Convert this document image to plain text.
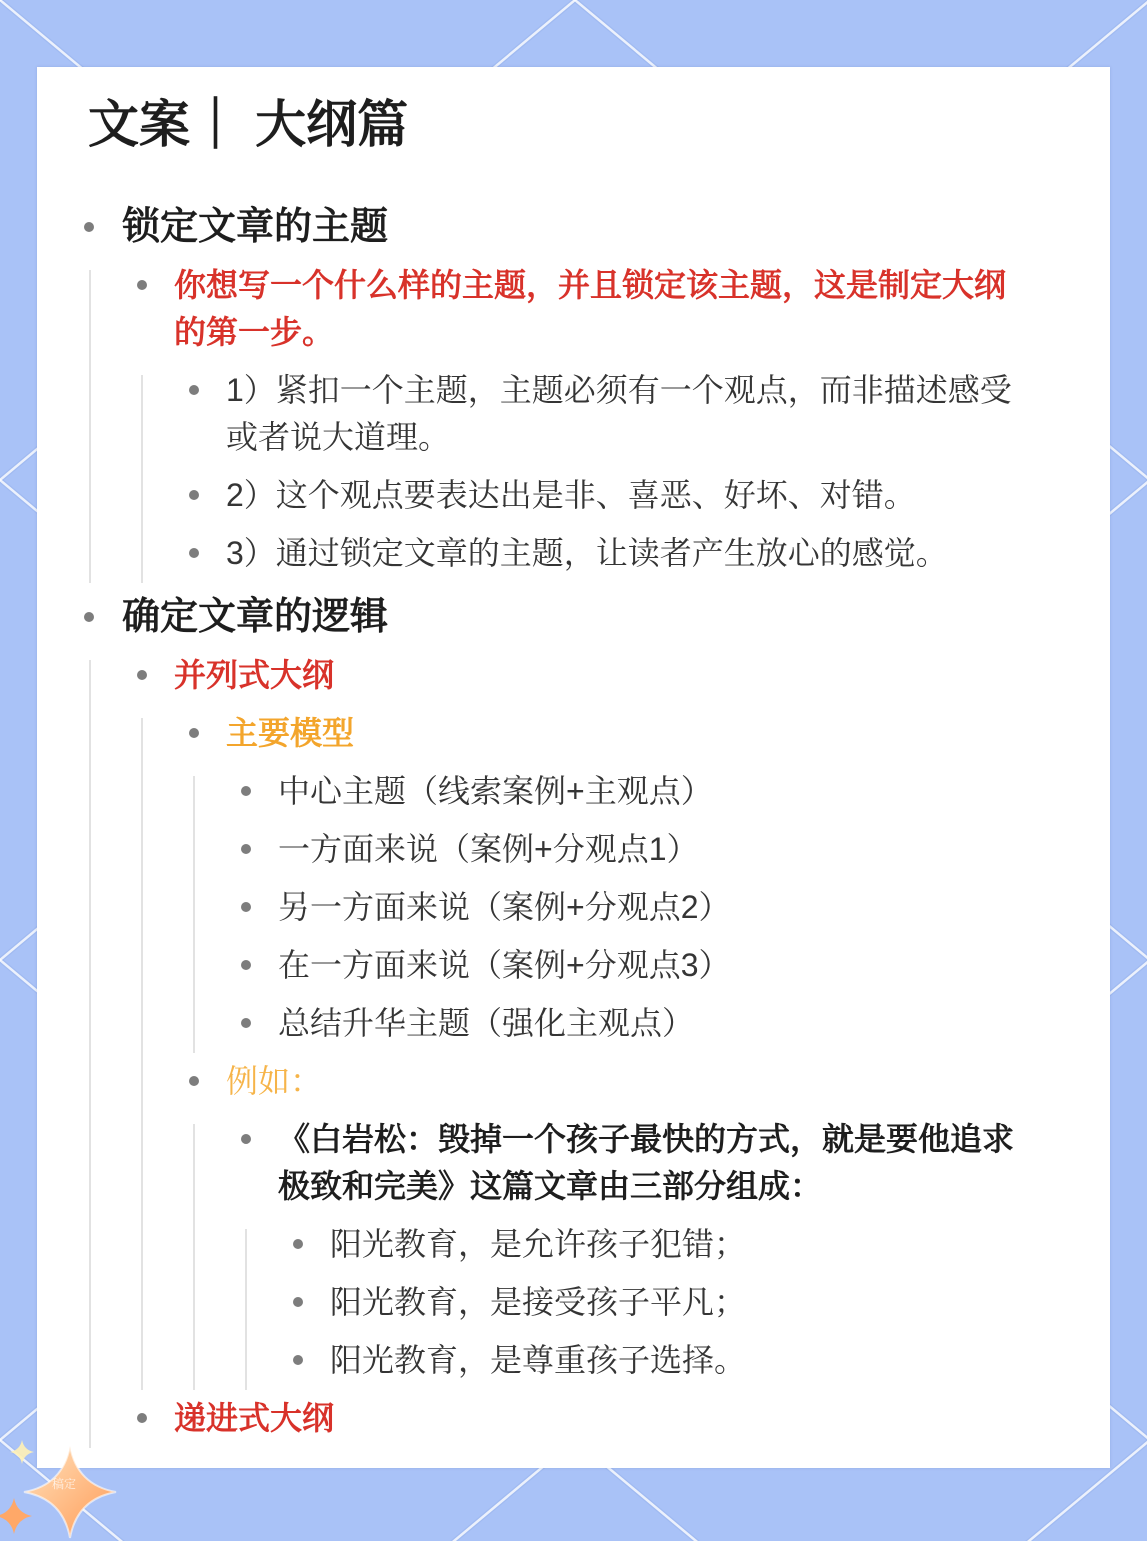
文案｜ 大纲篇
锁定文章的主题
你想写一个什么样的主题，并且锁定该主题，这是制定大纲的第一步。
1）紧扣一个主题，主题必须有一个观点，而非描述感受或者说大道理。
2）这个观点要表达出是非、喜恶、好坏、对错。
3）通过锁定文章的主题，让读者产生放心的感觉。
确定文章的逻辑
并列式大纲
主要模型
中心主题（线索案例+主观点）
一方面来说（案例+分观点1）
另一方面来说（案例+分观点2）
在一方面来说（案例+分观点3）
总结升华主题（强化主观点）
例如：
《白岩松：毁掉一个孩子最快的方式，就是要他追求极致和完美》这篇文章由三部分组成：
阳光教育，是允许孩子犯错；
阳光教育，是接受孩子平凡；
阳光教育，是尊重孩子选择。
递进式大纲
稿定
